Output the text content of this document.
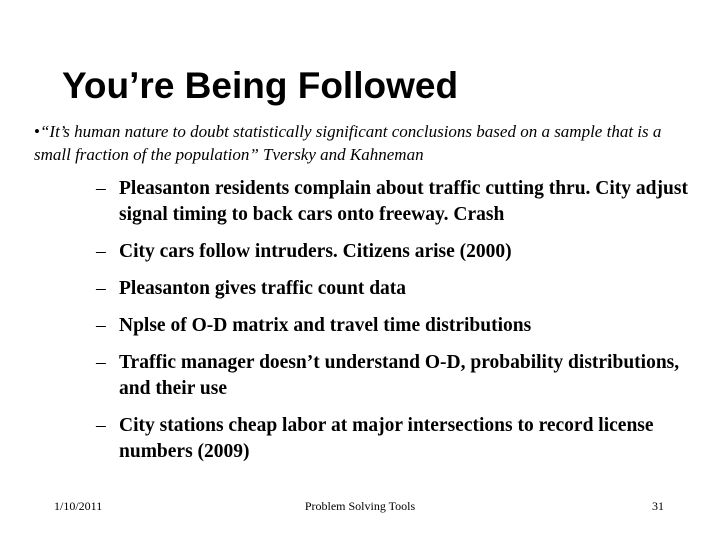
You’re Being Followed
•“It’s human nature to doubt statistically significant conclusions based on a sample that is a small fraction of the population” Tversky and Kahneman
– Pleasanton residents complain about traffic cutting thru. City adjust signal timing to back cars onto freeway. Crash
– City cars follow intruders. Citizens arise (2000)
– Pleasanton gives traffic count data
– Nplse of O-D matrix and travel time distributions
– Traffic manager doesn’t understand O-D, probability distributions, and their use
– City stations cheap labor at major intersections to record license numbers (2009)
1/10/2011	Problem Solving Tools	31
